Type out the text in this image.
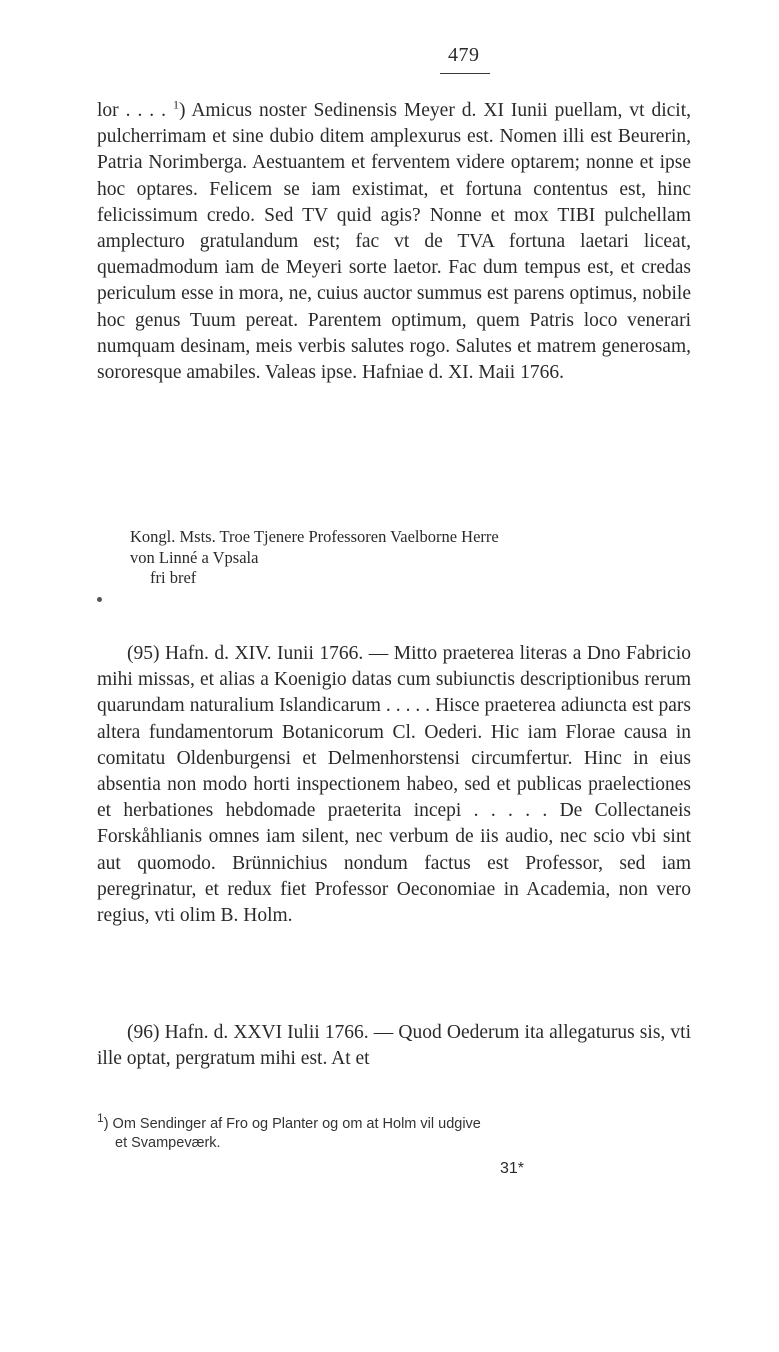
479

lor . . . . $^1$) Amicus noster Sedinensis Meyer d. XI Iunii puellam, vt dicit, pulcherrimam et sine dubio ditem amplexurus est. Nomen illi est Beurerin, Patria Norimberga. Aestuantem et ferventem videre optarem; nonne et ipse hoc optares. Felicem se iam existimat, et fortuna contentus est, hinc felicissimum credo. Sed TV quid agis? Nonne et mox TIBI pulchellam amplecturo gratulandum est; fac vt de TVA fortuna laetari liceat, quemadmodum iam de Meyeri sorte laetor. Fac dum tempus est, et credas periculum esse in mora, ne, cuius auctor summus est parens optimus, nobile hoc genus Tuum pereat. Parentem optimum, quem Patris loco venerari numquam desinam, meis verbis salutes rogo. Salutes et matrem generosam, sororesque amabiles. Valeas ipse. Hafniae d. XI. Maii 1766.

Kongl. Msts. Troe Tjenere Professoren Vaelborne Herre
von Linné a Vpsala
fri bref

(95) Hafn. d. XIV. Iunii 1766. — Mitto praeterea literas a Dno Fabricio mihi missas, et alias a Koenigio datas cum subiunctis descriptionibus rerum quarundam naturalium Islandicarum . . . . . Hisce praeterea adiuncta est pars altera fundamentorum Botanicorum Cl. Oederi. Hic iam Florae causa in comitatu Oldenburgensi et Delmenhorstensi circumfertur. Hinc in eius absentia non modo horti inspectionem habeo, sed et publicas praelectiones et herbationes hebdomade praeterita incepi . . . . . De Collectaneis Forskåhlianis omnes iam silent, nec verbum de iis audio, nec scio vbi sint aut quomodo. Brünnichius nondum factus est Professor, sed iam peregrinatur, et redux fiet Professor Oeconomiae in Academia, non vero regius, vti olim B. Holm.

(96) Hafn. d. XXVI Iulii 1766. — Quod Oederum ita allegaturus sis, vti ille optat, pergratum mihi est. At et

$^1$) Om Sendinger af Fro og Planter og om at Holm vil udgive
et Svampeværk.
31*
